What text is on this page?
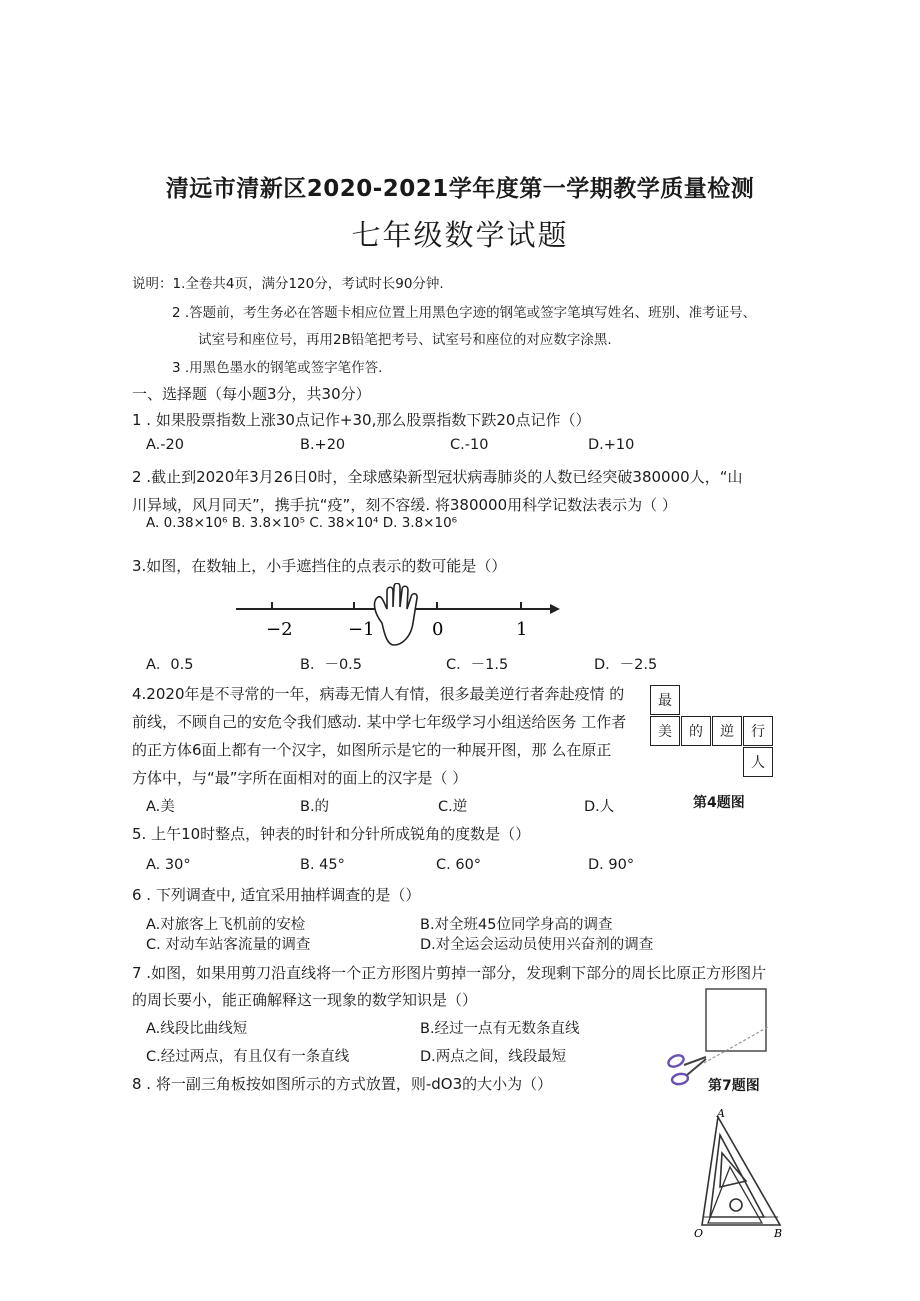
清远市清新区2020-2021学年度第一学期教学质量检测
七年级数学试题
说明：1.全卷共4页，满分120分，考试时长90分钟.
2 .答题前，考生务必在答题卡相应位置上用黑色字迹的钢笔或签字笔填写姓名、班别、准考证号、
试室号和座位号，再用2B铅笔把考号、试室号和座位的对应数字涂黑.
3 .用黑色墨水的钢笔或签字笔作答.
一、选择题（每小题3分，共30分）
1 . 如果股票指数上涨30点记作+30,那么股票指数下跌20点记作（）
A.-20	B.+20	C.-10	D.+10
2 .截止到2020年3月26日0时，全球感染新型冠状病毒肺炎的人数已经突破380000人，“山
川异域，风月同天”，携手抗“疫”，刻不容缓. 将380000用科学记数法表示为（ ）
A. 0.38×10⁶ B. 3.8×10⁵ C. 38×10⁴ D. 3.8×10⁶
3.如图，在数轴上，小手遮挡住的点表示的数可能是（）
−2	−1	0	1
A．0.5	B．－0.5	C．－1.5	D．－2.5
4.2020年是不寻常的一年，病毒无情人有情，很多最美逆行者奔赴疫情 的
前线，不顾自己的安危令我们感动. 某中学七年级学习小组送给医务 工作者
的正方体6面上都有一个汉字，如图所示是它的一种展开图，那 么在原正
方体中，与“最”字所在面相对的面上的汉字是（ ）
A.美	B.的	C.逆	D.人
最
美	的	逆	行
人
第4题图
5. 上午10时整点，钟表的时针和分针所成锐角的度数是（）
A. 30°	B. 45°	C. 60°	D. 90°
6 . 下列调查中, 适宜采用抽样调查的是（）
A.对旅客上飞机前的安检	B.对全班45位同学身高的调查
C. 对动车站客流量的调查	D.对全运会运动员使用兴奋剂的调查
7 .如图，如果用剪刀沿直线将一个正方形图片剪掉一部分，发现剩下部分的周长比原正方形图片
的周长要小，能正确解释这一现象的数学知识是（）
A.线段比曲线短	B.经过一点有无数条直线
C.经过两点，有且仅有一条直线	D.两点之间，线段最短
第7题图
8 . 将一副三角板按如图所示的方式放置，则-dO3的大小为（）
A
O	B
